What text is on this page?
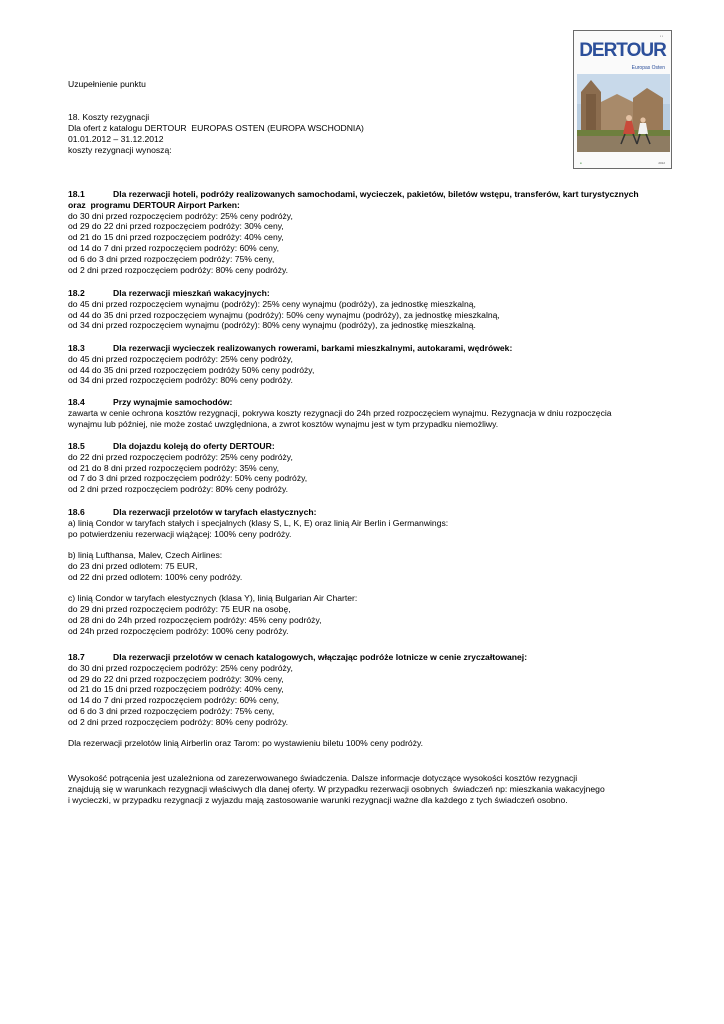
▪ ▪
DERTOUR
Europas Osten
2012
●
Uzupełnienie punktu
18. Koszty rezygnacji
Dla ofert z katalogu DERTOUR  EUROPAS OSTEN (EUROPA WSCHODNIA)
01.01.2012 – 31.12.2012
koszty rezygnacji wynoszą:
18.1	Dla rezerwacji hoteli, podróży realizowanych samochodami, wycieczek, pakietów, biletów wstępu, transferów, kart turystycznych
oraz  programu DERTOUR Airport Parken:
do 30 dni przed rozpoczęciem podróży: 25% ceny podróży,
od 29 do 22 dni przed rozpoczęciem podróży: 30% ceny,
od 21 do 15 dni przed rozpoczęciem podróży: 40% ceny,
od 14 do 7 dni przed rozpoczęciem podróży: 60% ceny,
od 6 do 3 dni przed rozpoczęciem podróży: 75% ceny,
od 2 dni przed rozpoczęciem podróży: 80% ceny podróży.
18.2	Dla rezerwacji mieszkań wakacyjnych:
do 45 dni przed rozpoczęciem wynajmu (podróży): 25% ceny wynajmu (podróży), za jednostkę mieszkalną,
od 44 do 35 dni przed rozpoczęciem wynajmu (podróży): 50% ceny wynajmu (podróży), za jednostkę mieszkalną,
od 34 dni przed rozpoczęciem wynajmu (podróży): 80% ceny wynajmu (podróży), za jednostkę mieszkalną.
18.3	Dla rezerwacji wycieczek realizowanych rowerami, barkami mieszkalnymi, autokarami, wędrówek:
do 45 dni przed rozpoczęciem podróży: 25% ceny podróży,
od 44 do 35 dni przed rozpoczęciem podróży 50% ceny podróży,
od 34 dni przed rozpoczęciem podróży: 80% ceny podróży.
18.4	Przy wynajmie samochodów:
zawarta w cenie ochrona kosztów rezygnacji, pokrywa koszty rezygnacji do 24h przed rozpoczęciem wynajmu. Rezygnacja w dniu rozpoczęcia
wynajmu lub później, nie może zostać uwzględniona, a zwrot kosztów wynajmu jest w tym przypadku niemożliwy.
18.5	Dla dojazdu koleją do oferty DERTOUR:
do 22 dni przed rozpoczęciem podróży: 25% ceny podróży,
od 21 do 8 dni przed rozpoczęciem podróży: 35% ceny,
od 7 do 3 dni przed rozpoczęciem podróży: 50% ceny podróży,
od 2 dni przed rozpoczęciem podróży: 80% ceny podróży.
18.6	Dla rezerwacji przelotów w taryfach elastycznych:
a) linią Condor w taryfach stałych i specjalnych (klasy S, L, K, E) oraz linią Air Berlin i Germanwings:
po potwierdzeniu rezerwacji wiążącej: 100% ceny podróży.
b) linią Lufthansa, Malev, Czech Airlines:
do 23 dni przed odlotem: 75 EUR,
od 22 dni przed odlotem: 100% ceny podróży.
c) linią Condor w taryfach elestycznych (klasa Y), linią Bulgarian Air Charter:
do 29 dni przed rozpoczęciem podróży: 75 EUR na osobę,
od 28 dni do 24h przed rozpoczęciem podróży: 45% ceny podróży,
od 24h przed rozpoczęciem podróży: 100% ceny podróży.
18.7	Dla rezerwacji przelotów w cenach katalogowych, włączając podróże lotnicze w cenie zryczałtowanej:
do 30 dni przed rozpoczęciem podróży: 25% ceny podróży,
od 29 do 22 dni przed rozpoczęciem podróży: 30% ceny,
od 21 do 15 dni przed rozpoczęciem podróży: 40% ceny,
od 14 do 7 dni przed rozpoczęciem podróży: 60% ceny,
od 6 do 3 dni przed rozpoczęciem podróży: 75% ceny,
od 2 dni przed rozpoczęciem podróży: 80% ceny podróży.
Dla rezerwacji przelotów linią Airberlin oraz Tarom: po wystawieniu biletu 100% ceny podróży.
Wysokość potrącenia jest uzależniona od zarezerwowanego świadczenia. Dalsze informacje dotyczące wysokości kosztów rezygnacji
znajdują się w warunkach rezygnacji właściwych dla danej oferty. W przypadku rezerwacji osobnych  świadczeń np: mieszkania wakacyjnego
i wycieczki, w przypadku rezygnacji z wyjazdu mają zastosowanie warunki rezygnacji ważne dla każdego z tych świadczeń osobno.
